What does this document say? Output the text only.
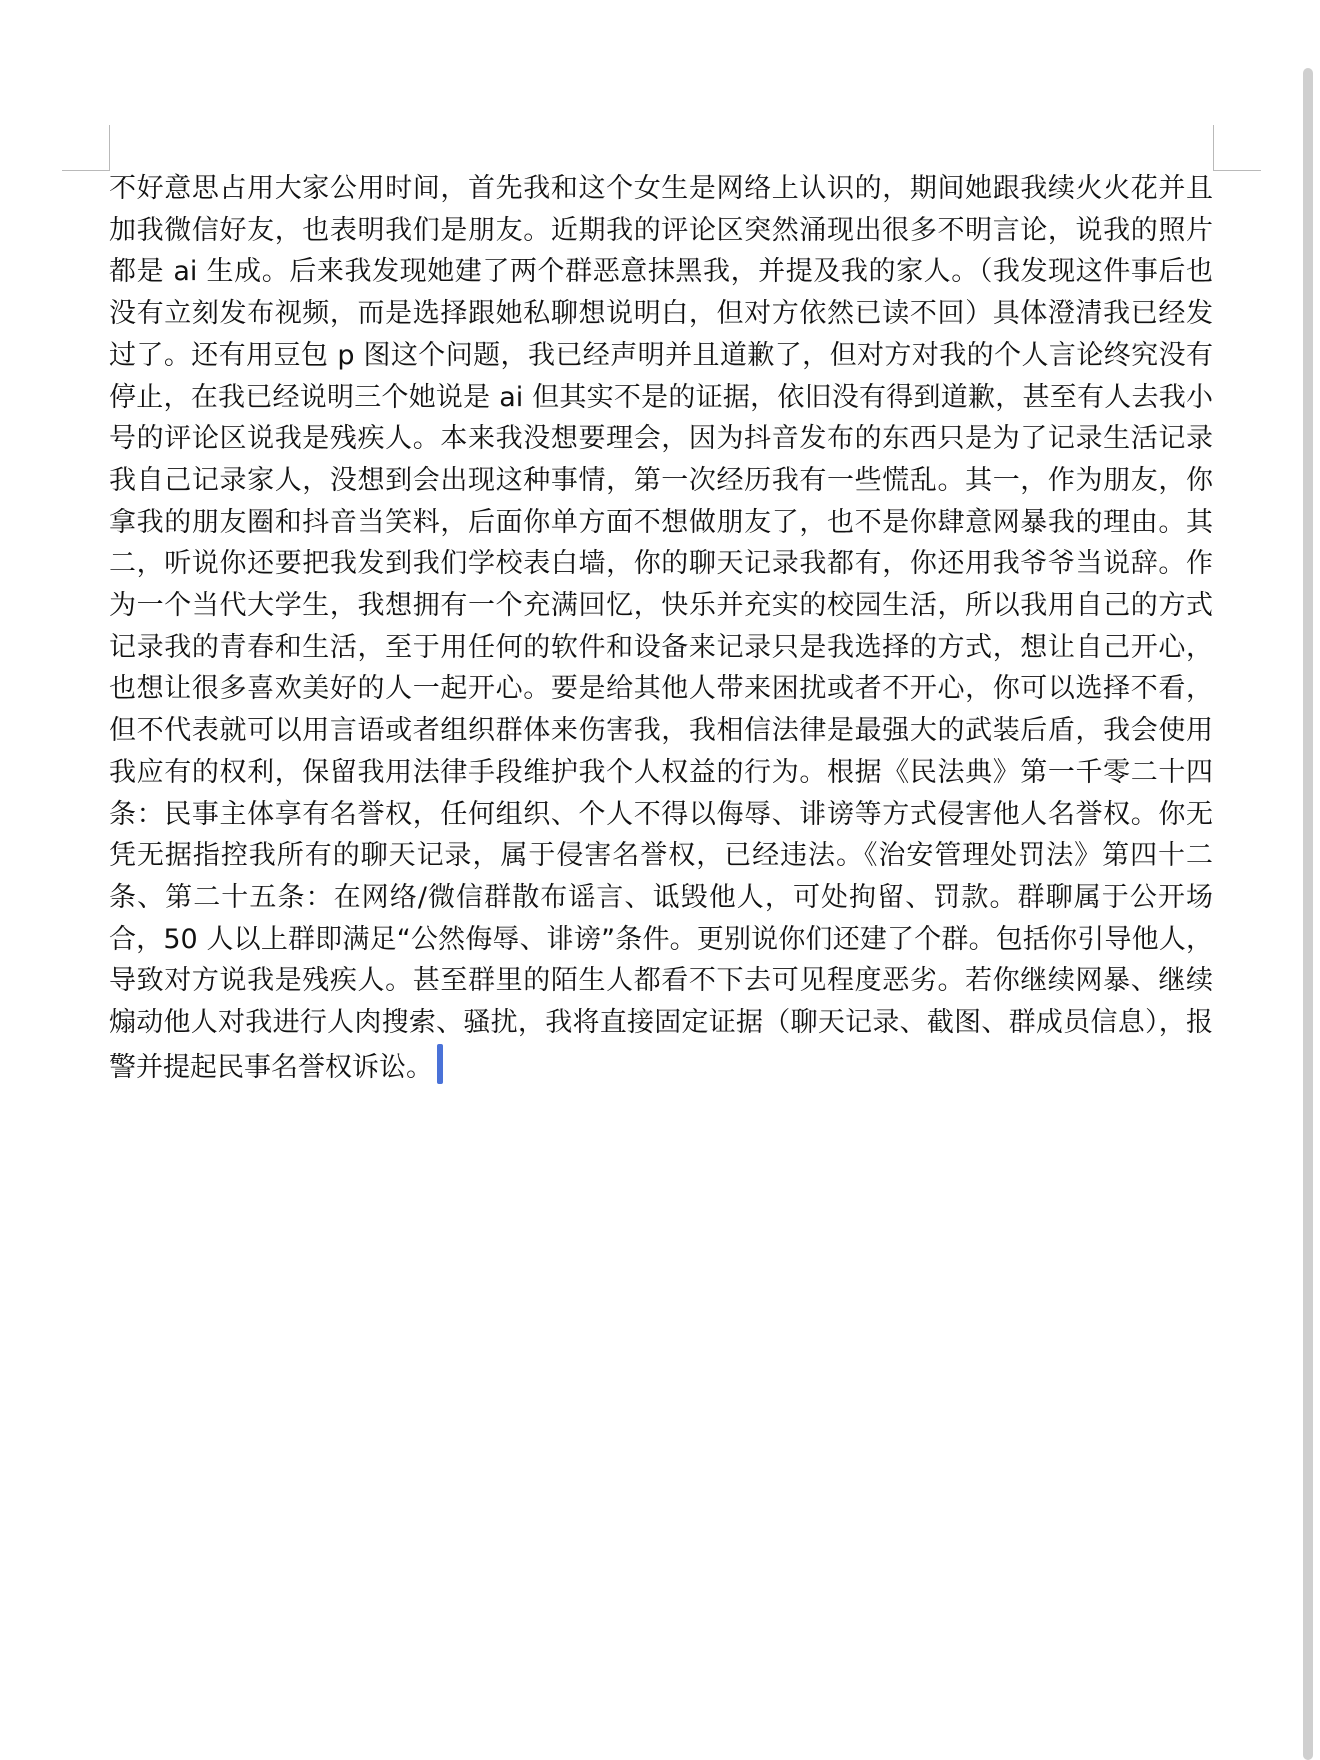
不好意思占用大家公用时间，首先我和这个女生是网络上认识的，期间她跟我续火火花并且加我微信好友，也表明我们是朋友。近期我的评论区突然涌现出很多不明言论，说我的照片都是 ai 生成。后来我发现她建了两个群恶意抹黑我，并提及我的家人。（我发现这件事后也没有立刻发布视频，而是选择跟她私聊想说明白，但对方依然已读不回）具体澄清我已经发过了。还有用豆包 p 图这个问题，我已经声明并且道歉了，但对方对我的个人言论终究没有停止，在我已经说明三个她说是 ai 但其实不是的证据，依旧没有得到道歉，甚至有人去我小号的评论区说我是残疾人。本来我没想要理会，因为抖音发布的东西只是为了记录生活记录我自己记录家人，没想到会出现这种事情，第一次经历我有一些慌乱。其一，作为朋友，你拿我的朋友圈和抖音当笑料，后面你单方面不想做朋友了，也不是你肆意网暴我的理由。其二，听说你还要把我发到我们学校表白墙，你的聊天记录我都有，你还用我爷爷当说辞。作为一个当代大学生，我想拥有一个充满回忆，快乐并充实的校园生活，所以我用自己的方式记录我的青春和生活，至于用任何的软件和设备来记录只是我选择的方式，想让自己开心，也想让很多喜欢美好的人一起开心。要是给其他人带来困扰或者不开心，你可以选择不看，但不代表就可以用言语或者组织群体来伤害我，我相信法律是最强大的武装后盾，我会使用我应有的权利，保留我用法律手段维护我个人权益的行为。根据《民法典》第一千零二十四条：民事主体享有名誉权，任何组织、个人不得以侮辱、诽谤等方式侵害他人名誉权。你无凭无据指控我所有的聊天记录，属于侵害名誉权，已经违法。《治安管理处罚法》第四十二条、第二十五条：在网络/微信群散布谣言、诋毁他人，可处拘留、罚款。群聊属于公开场合，50 人以上群即满足“公然侮辱、诽谤”条件。更别说你们还建了个群。包括你引导他人，导致对方说我是残疾人。甚至群里的陌生人都看不下去可见程度恶劣。若你继续网暴、继续煽动他人对我进行人肉搜索、骚扰，我将直接固定证据（聊天记录、截图、群成员信息），报警并提起民事名誉权诉讼。
